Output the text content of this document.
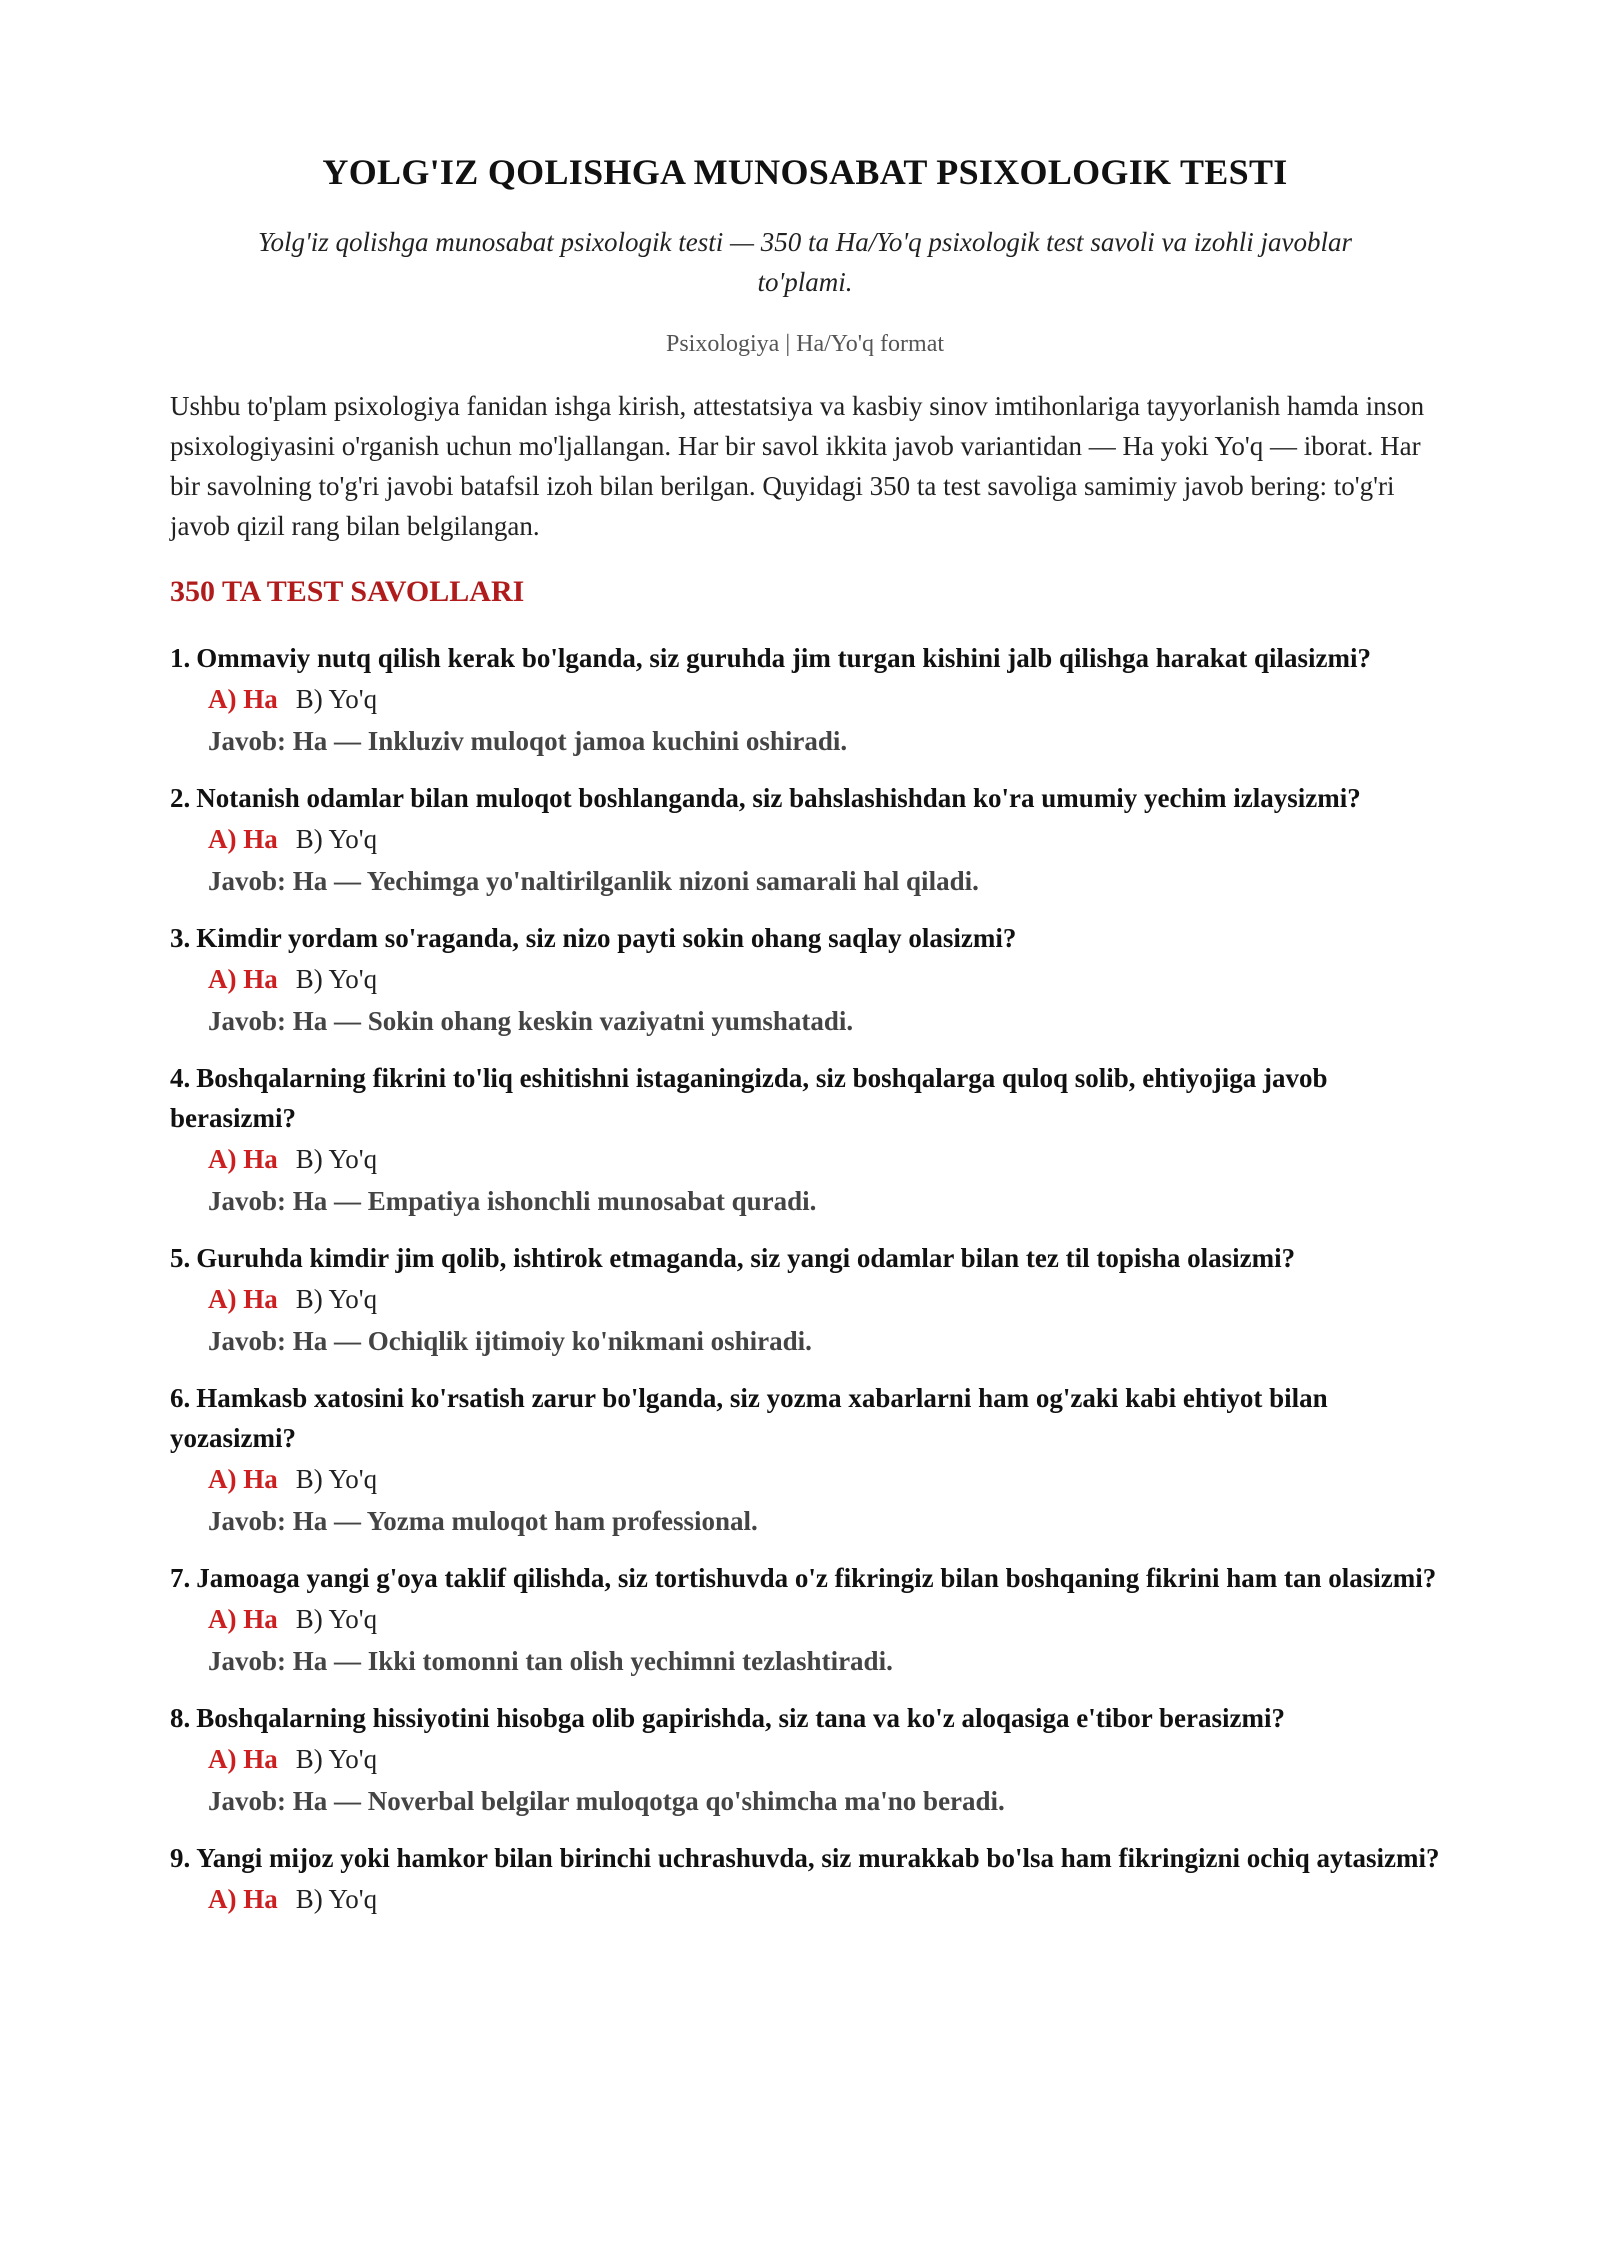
YOLG'IZ QOLISHGA MUNOSABAT PSIXOLOGIK TESTI
Yolg'iz qolishga munosabat psixologik testi — 350 ta Ha/Yo'q psixologik test savoli va izohli javoblar to'plami.
Psixologiya | Ha/Yo'q format
Ushbu to'plam psixologiya fanidan ishga kirish, attestatsiya va kasbiy sinov imtihonlariga tayyorlanish hamda inson psixologiyasini o'rganish uchun mo'ljallangan. Har bir savol ikkita javob variantidan — Ha yoki Yo'q — iborat. Har bir savolning to'g'ri javobi batafsil izoh bilan berilgan. Quyidagi 350 ta test savoliga samimiy javob bering: to'g'ri javob qizil rang bilan belgilangan.
350 TA TEST SAVOLLARI
1. Ommaviy nutq qilish kerak bo'lganda, siz guruhda jim turgan kishini jalb qilishga harakat qilasizmi?
A) Ha B) Yo'q
Javob: Ha — Inkluziv muloqot jamoa kuchini oshiradi.
2. Notanish odamlar bilan muloqot boshlanganda, siz bahslashishdan ko'ra umumiy yechim izlaysizmi?
A) Ha B) Yo'q
Javob: Ha — Yechimga yo'naltirilganlik nizoni samarali hal qiladi.
3. Kimdir yordam so'raganda, siz nizo payti sokin ohang saqlay olasizmi?
A) Ha B) Yo'q
Javob: Ha — Sokin ohang keskin vaziyatni yumshatadi.
4. Boshqalarning fikrini to'liq eshitishni istaganingizda, siz boshqalarga quloq solib, ehtiyojiga javob berasizmi?
A) Ha B) Yo'q
Javob: Ha — Empatiya ishonchli munosabat quradi.
5. Guruhda kimdir jim qolib, ishtirok etmaganda, siz yangi odamlar bilan tez til topisha olasizmi?
A) Ha B) Yo'q
Javob: Ha — Ochiqlik ijtimoiy ko'nikmani oshiradi.
6. Hamkasb xatosini ko'rsatish zarur bo'lganda, siz yozma xabarlarni ham og'zaki kabi ehtiyot bilan yozasizmi?
A) Ha B) Yo'q
Javob: Ha — Yozma muloqot ham professional.
7. Jamoaga yangi g'oya taklif qilishda, siz tortishuvda o'z fikringiz bilan boshqaning fikrini ham tan olasizmi?
A) Ha B) Yo'q
Javob: Ha — Ikki tomonni tan olish yechimni tezlashtiradi.
8. Boshqalarning hissiyotini hisobga olib gapirishda, siz tana va ko'z aloqasiga e'tibor berasizmi?
A) Ha B) Yo'q
Javob: Ha — Noverbal belgilar muloqotga qo'shimcha ma'no beradi.
9. Yangi mijoz yoki hamkor bilan birinchi uchrashuvda, siz murakkab bo'lsa ham fikringizni ochiq aytasizmi?
A) Ha B) Yo'q
